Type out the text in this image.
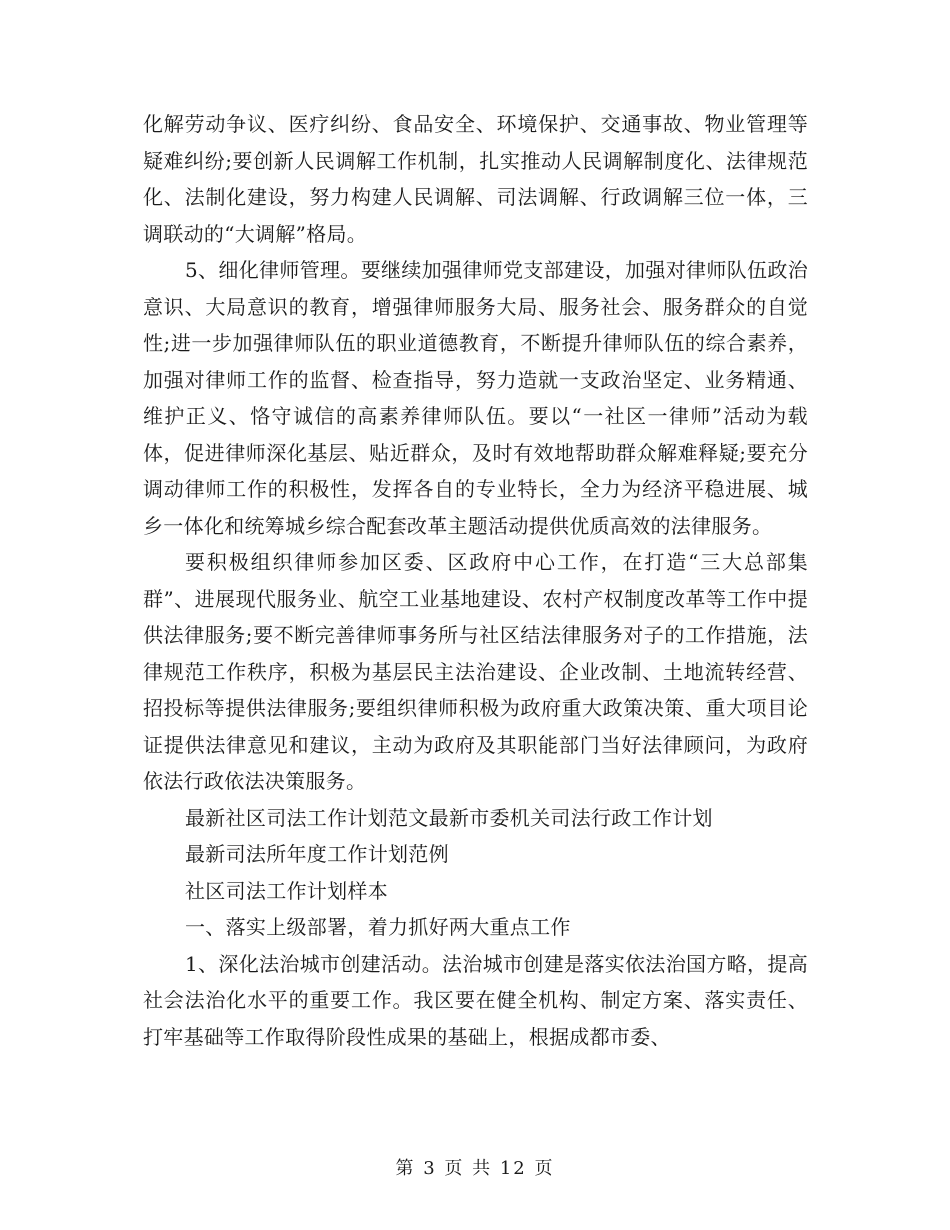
化解劳动争议、医疗纠纷、食品安全、环境保护、交通事故、物业管理等疑难纠纷;要创新人民调解工作机制，扎实推动人民调解制度化、法律规范化、法制化建设，努力构建人民调解、司法调解、行政调解三位一体，三调联动的“大调解”格局。

5、细化律师管理。要继续加强律师党支部建设，加强对律师队伍政治意识、大局意识的教育，增强律师服务大局、服务社会、服务群众的自觉性;进一步加强律师队伍的职业道德教育，不断提升律师队伍的综合素养，加强对律师工作的监督、检查指导，努力造就一支政治坚定、业务精通、维护正义、恪守诚信的高素养律师队伍。要以“一社区一律师”活动为载体，促进律师深化基层、贴近群众，及时有效地帮助群众解难释疑;要充分调动律师工作的积极性，发挥各自的专业特长，全力为经济平稳进展、城乡一体化和统筹城乡综合配套改革主题活动提供优质高效的法律服务。

要积极组织律师参加区委、区政府中心工作，在打造“三大总部集群”、进展现代服务业、航空工业基地建设、农村产权制度改革等工作中提供法律服务;要不断完善律师事务所与社区结法律服务对子的工作措施，法律规范工作秩序，积极为基层民主法治建设、企业改制、土地流转经营、招投标等提供法律服务;要组织律师积极为政府重大政策决策、重大项目论证提供法律意见和建议，主动为政府及其职能部门当好法律顾问，为政府依法行政依法决策服务。

最新社区司法工作计划范文最新市委机关司法行政工作计划

最新司法所年度工作计划范例

社区司法工作计划样本

一、落实上级部署，着力抓好两大重点工作

1、深化法治城市创建活动。法治城市创建是落实依法治国方略，提高社会法治化水平的重要工作。我区要在健全机构、制定方案、落实责任、打牢基础等工作取得阶段性成果的基础上，根据成都市委、

第 3 页 共 12 页
